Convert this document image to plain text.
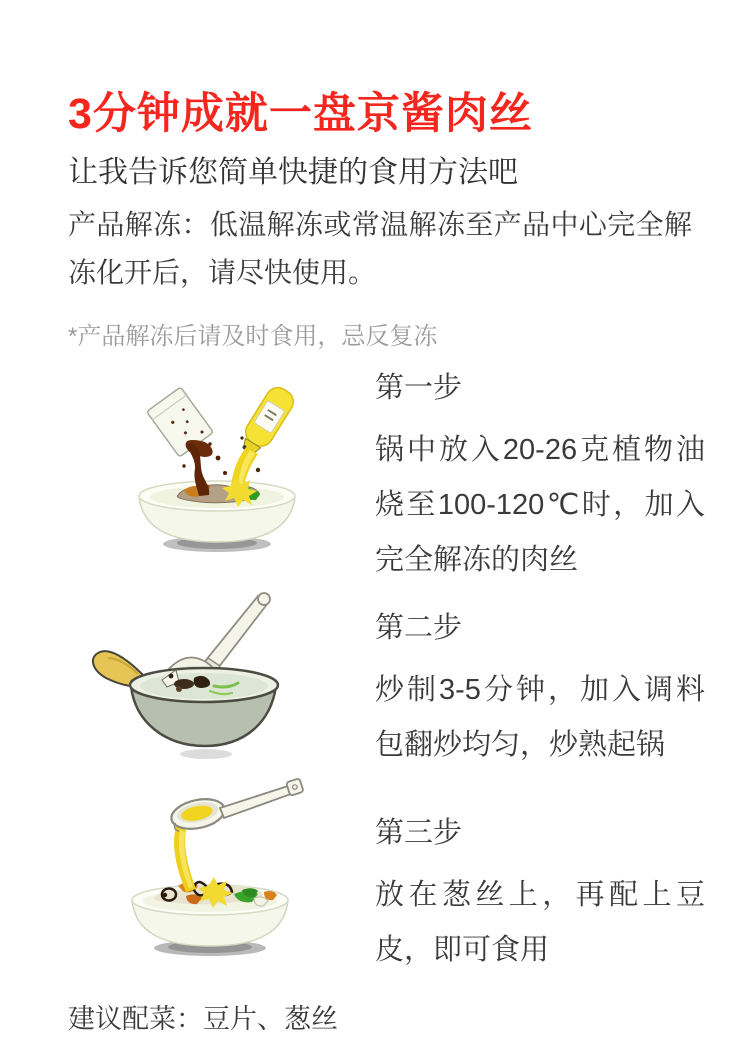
3分钟成就一盘京酱肉丝
让我告诉您简单快捷的食用方法吧

产品解冻：低温解冻或常温解冻至产品中心完全解冻化开后，请尽快使用。

*产品解冻后请及时食用，忌反复冻

第一步
锅中放入20-26克植物油烧至100-120℃时，加入完全解冻的肉丝
第二步
炒制3-5分钟，加入调料包翻炒均匀，炒熟起锅
第三步
放在葱丝上，再配上豆皮，即可食用

建议配菜：豆片、葱丝
